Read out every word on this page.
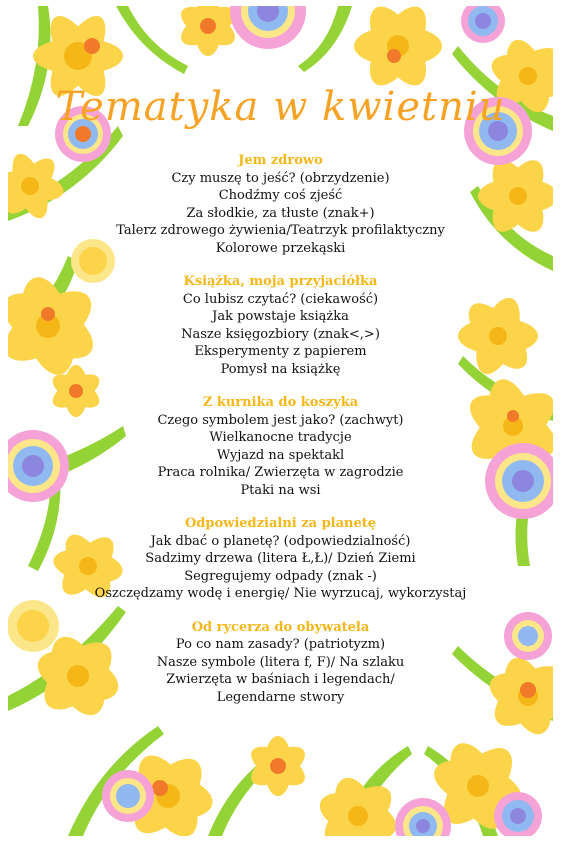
Tematyka w kwietniu
Jem zdrowo
Czy muszę to jeść? (obrzydzenie)
Chodźmy coś zjeść
Za słodkie, za tłuste (znak+)
Talerz zdrowego żywienia/Teatrzyk profilaktyczny
Kolorowe przekąski
Książka, moja przyjaciółka
Co lubisz czytać? (ciekawość)
Jak powstaje książka
Nasze księgozbiory (znak<,>)
Eksperymenty z papierem
Pomysł na książkę
Z kurnika do koszyka
Czego symbolem jest jako? (zachwyt)
Wielkanocne tradycje
Wyjazd na spektakl
Praca rolnika/ Zwierzęta w zagrodzie
Ptaki na wsi
Odpowiedzialni za planetę
Jak dbać o planetę? (odpowiedzialność)
Sadzimy drzewa (litera Ł,Ł)/ Dzień Ziemi
Segregujemy odpady (znak -)
Oszczędzamy wodę i energię/ Nie wyrzucaj, wykorzystaj
Od rycerza do obywatela
Po co nam zasady? (patriotyzm)
Nasze symbole (litera f, F)/ Na szlaku
Zwierzęta w baśniach i legendach/
Legendarne stwory
